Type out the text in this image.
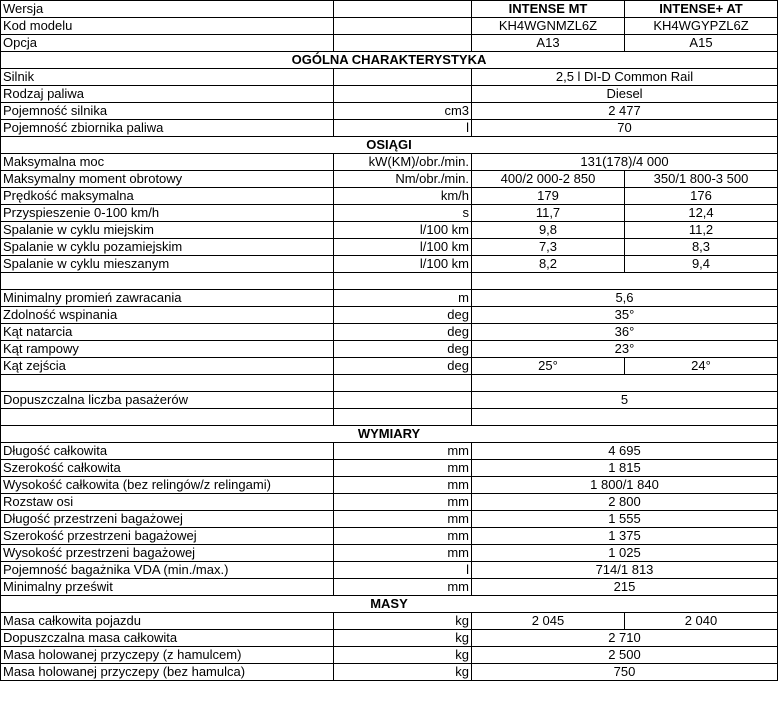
Wersja		INTENSE MT	INTENSE+ AT
Kod modelu		KH4WGNMZL6Z	KH4WGYPZL6Z
Opcja		A13	A15
OGÓLNA CHARAKTERYSTYKA			
Silnik		2,5 l DI-D Common Rail	
Rodzaj paliwa		Diesel	
Pojemność silnika	cm3	2 477	
Pojemność zbiornika paliwa	l	70	
OSIĄGI			
Maksymalna moc	kW(KM)/obr./min.	131(178)/4 000	
Maksymalny moment obrotowy	Nm/obr./min.	400/2 000-2 850	350/1 800-3 500
Prędkość maksymalna	km/h	179	176
Przyspieszenie 0-100 km/h	s	11,7	12,4
Spalanie w cyklu miejskim	l/100 km	9,8	11,2
Spalanie w cyklu pozamiejskim	l/100 km	7,3	8,3
Spalanie w cyklu mieszanym	l/100 km	8,2	9,4

Minimalny promień zawracania	m	5,6	
Zdolność wspinania	deg	35°	
Kąt natarcia	deg	36°	
Kąt rampowy	deg	23°	
Kąt zejścia	deg	25°	24°

Dopuszczalna liczba pasażerów		5	

WYMIARY			
Długość całkowita	mm	4 695	
Szerokość całkowita	mm	1 815	
Wysokość całkowita (bez relingów/z relingami)	mm	1 800/1 840	
Rozstaw osi	mm	2 800	
Długość przestrzeni bagażowej	mm	1 555	
Szerokość przestrzeni bagażowej	mm	1 375	
Wysokość przestrzeni bagażowej	mm	1 025	
Pojemność bagażnika VDA (min./max.)	l	714/1 813	
Minimalny prześwit	mm	215	
MASY			
Masa całkowita pojazdu	kg	2 045	2 040
Dopuszczalna masa całkowita	kg	2 710	
Masa holowanej przyczepy (z hamulcem)	kg	2 500	
Masa holowanej przyczepy (bez hamulca)	kg	750	
